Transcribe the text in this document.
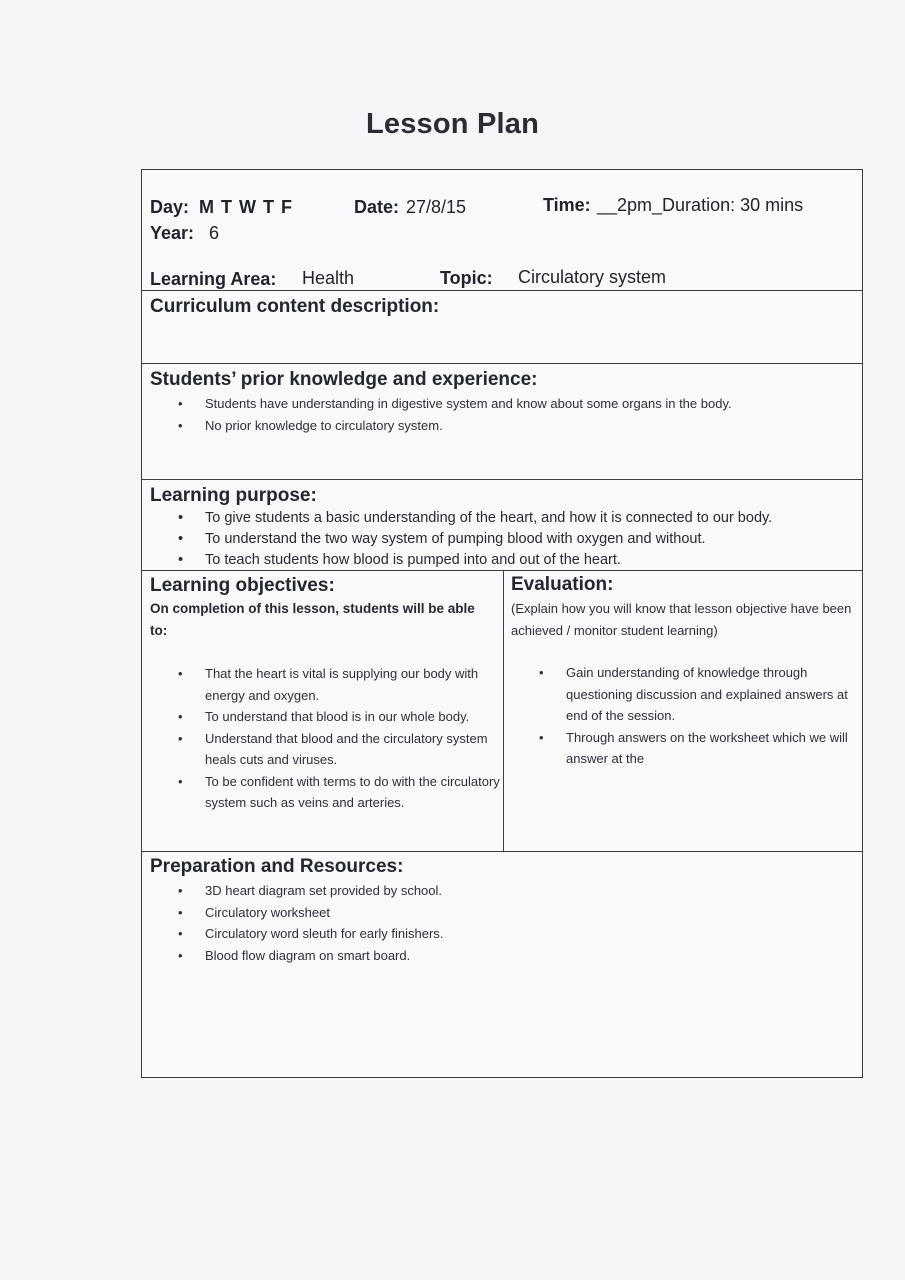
Lesson Plan
Day: M T W T F	Date: 27/8/15	Time: __2pm_Duration: 30 mins
Year: 6
Learning Area: Health	Topic: Circulatory system
Curriculum content description:
Students’ prior knowledge and experience:
• Students have understanding in digestive system and know about some organs in the body.
• No prior knowledge to circulatory system.
Learning purpose:
• To give students a basic understanding of the heart, and how it is connected to our body.
• To understand the two way system of pumping blood with oxygen and without.
• To teach students how blood is pumped into and out of the heart.
Learning objectives:
On completion of this lesson, students will be able to:
• That the heart is vital is supplying our body with energy and oxygen.
• To understand that blood is in our whole body.
• Understand that blood and the circulatory system heals cuts and viruses.
• To be confident with terms to do with the circulatory system such as veins and arteries.
Evaluation:
(Explain how you will know that lesson objective have been achieved / monitor student learning)
• Gain understanding of knowledge through questioning discussion and explained answers at end of the session.
• Through answers on the worksheet which we will answer at the
Preparation and Resources:
• 3D heart diagram set provided by school.
• Circulatory worksheet
• Circulatory word sleuth for early finishers.
• Blood flow diagram on smart board.
